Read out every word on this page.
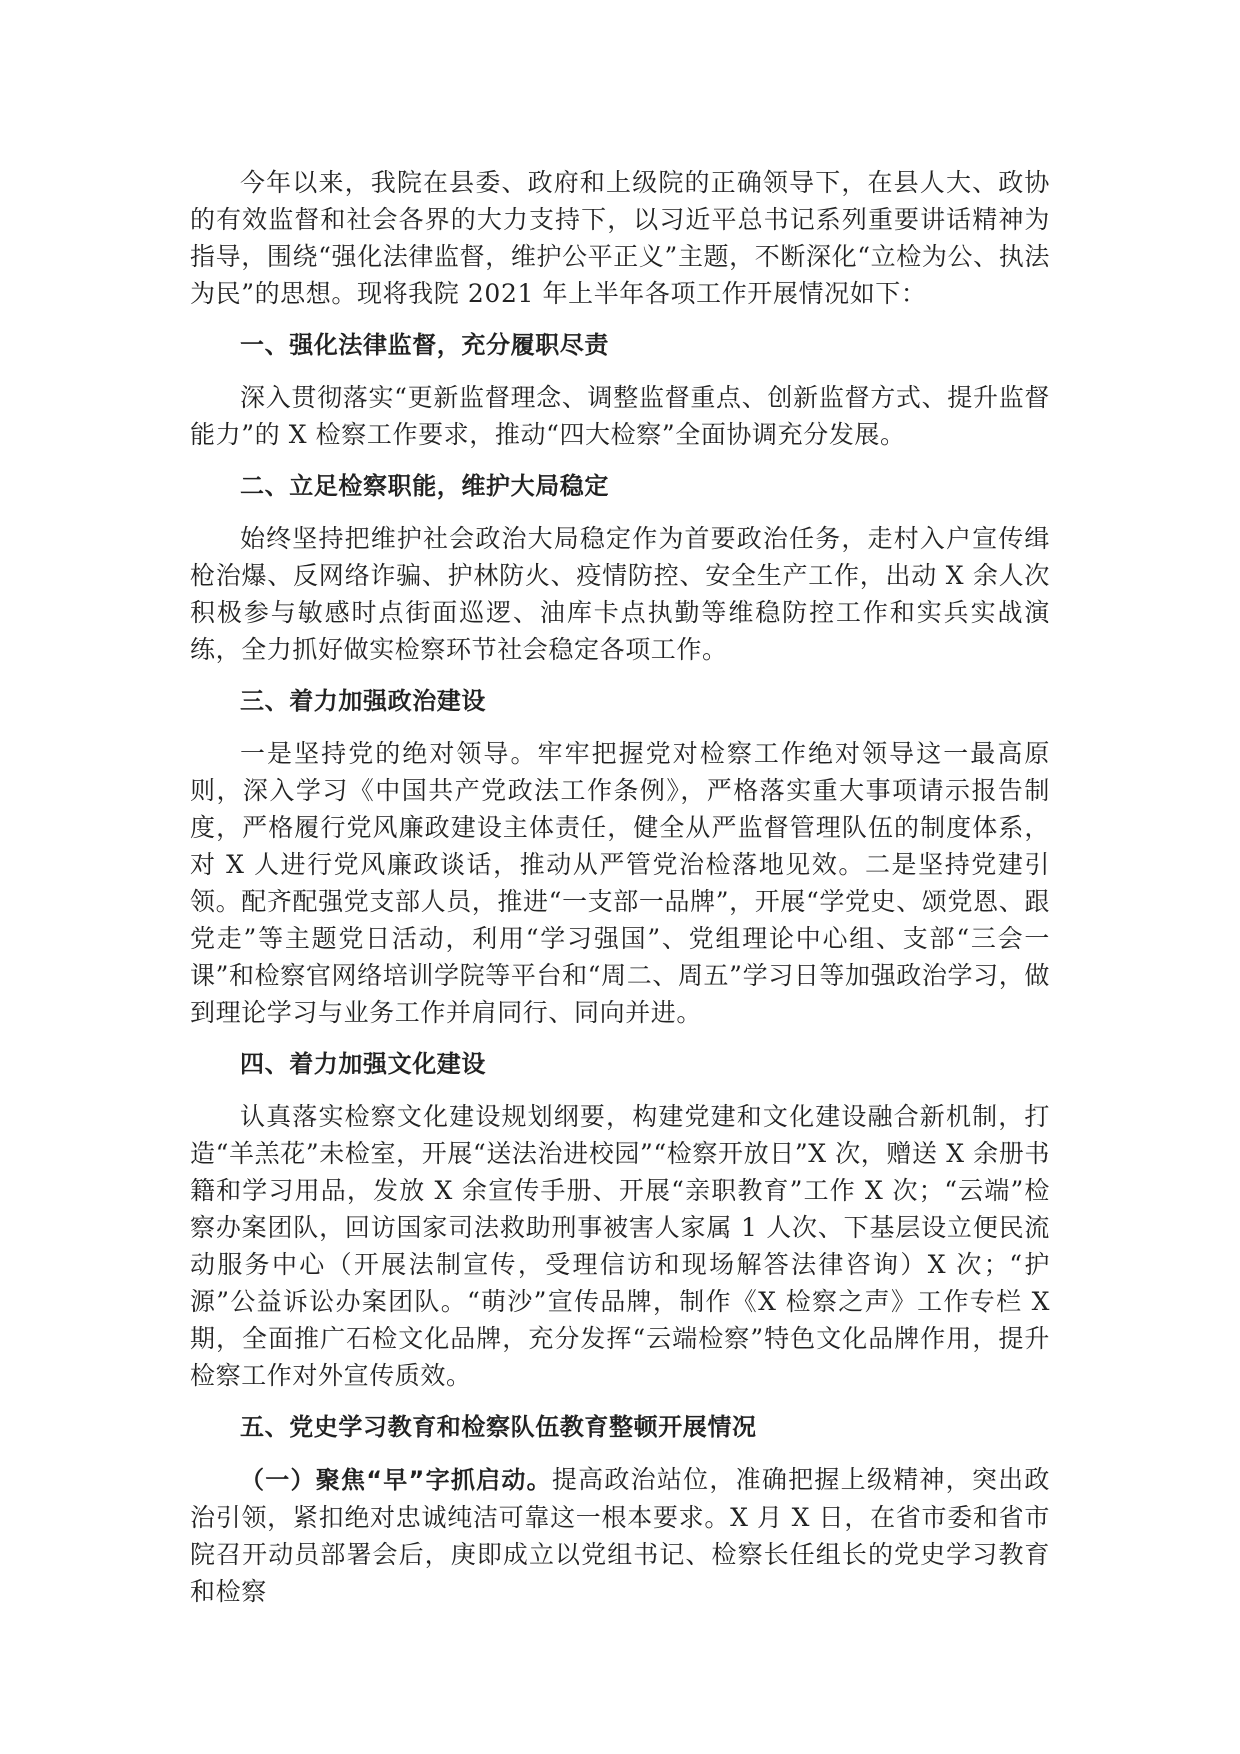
今年以来，我院在县委、政府和上级院的正确领导下，在县人大、政协的有效监督和社会各界的大力支持下，以习近平总书记系列重要讲话精神为指导，围绕“强化法律监督，维护公平正义”主题，不断深化“立检为公、执法为民”的思想。现将我院 2021 年上半年各项工作开展情况如下：

一、强化法律监督，充分履职尽责

深入贯彻落实“更新监督理念、调整监督重点、创新监督方式、提升监督能力”的 X 检察工作要求，推动“四大检察”全面协调充分发展。

二、立足检察职能，维护大局稳定

始终坚持把维护社会政治大局稳定作为首要政治任务，走村入户宣传缉枪治爆、反网络诈骗、护林防火、疫情防控、安全生产工作，出动 X 余人次积极参与敏感时点街面巡逻、油库卡点执勤等维稳防控工作和实兵实战演练，全力抓好做实检察环节社会稳定各项工作。

三、着力加强政治建设

一是坚持党的绝对领导。牢牢把握党对检察工作绝对领导这一最高原则，深入学习《中国共产党政法工作条例》，严格落实重大事项请示报告制度，严格履行党风廉政建设主体责任，健全从严监督管理队伍的制度体系，对 X 人进行党风廉政谈话，推动从严管党治检落地见效。二是坚持党建引领。配齐配强党支部人员，推进“一支部一品牌”，开展“学党史、颂党恩、跟党走”等主题党日活动，利用“学习强国”、党组理论中心组、支部“三会一课”和检察官网络培训学院等平台和“周二、周五”学习日等加强政治学习，做到理论学习与业务工作并肩同行、同向并进。

四、着力加强文化建设

认真落实检察文化建设规划纲要，构建党建和文化建设融合新机制，打造“羊羔花”未检室，开展“送法治进校园”“检察开放日”X 次，赠送 X 余册书籍和学习用品，发放 X 余宣传手册、开展“亲职教育”工作 X 次；“云端”检察办案团队，回访国家司法救助刑事被害人家属 1 人次、下基层设立便民流动服务中心（开展法制宣传，受理信访和现场解答法律咨询）X 次；“护源”公益诉讼办案团队。“萌沙”宣传品牌，制作《X 检察之声》工作专栏 X 期，全面推广石检文化品牌，充分发挥“云端检察”特色文化品牌作用，提升检察工作对外宣传质效。

五、党史学习教育和检察队伍教育整顿开展情况

（一）聚焦“早”字抓启动。提高政治站位，准确把握上级精神，突出政治引领，紧扣绝对忠诚纯洁可靠这一根本要求。X 月 X 日，在省市委和省市院召开动员部署会后，庚即成立以党组书记、检察长任组长的党史学习教育和检察
